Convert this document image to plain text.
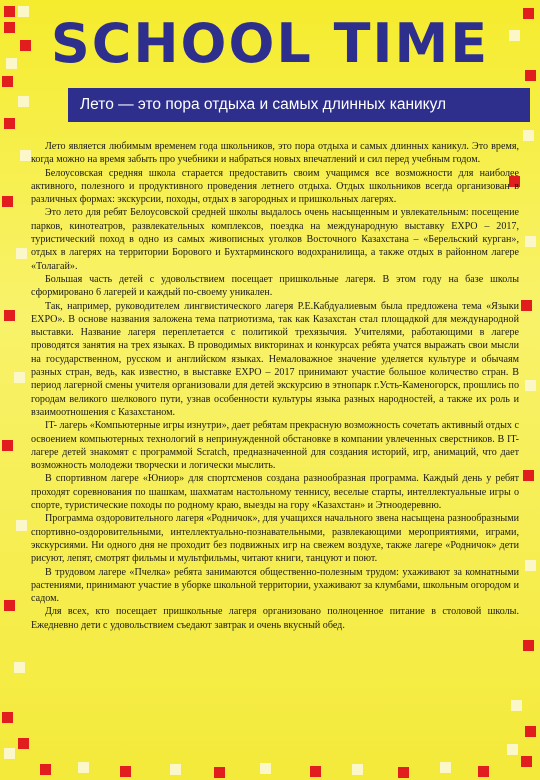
SCHOOL TIME
Лето — это пора отдыха и самых длинных каникул

Лето является любимым временем года школьников, это пора отдыха и самых длинных каникул. Это время, когда можно на время забыть про учебники и набраться новых впечатлений и сил перед учебным годом.

Белоусовская средняя школа старается предоставить своим учащимся все возможности для наиболее активного, полезного и продуктивного проведения летнего отдыха. Отдых школьников всегда организован в различных формах: экскурсии, походы, отдых в загородных и пришкольных лагерях.

Это лето для ребят Белоусовской средней школы выдалось очень насыщенным и увлекательным: посещение парков, кинотеатров, развлекательных комплексов, поездка на международную выставку EXPO – 2017, туристический поход в одно из самых живописных уголков Восточного Казахстана – «Берельский курган», отдых в лагерях на территории Борового и Бухтарминского водохранилища, а также отдых в районном лагере «Толагай».

Большая часть детей с удовольствием посещает пришкольные лагеря. В этом году на базе школы сформировано 6 лагерей и каждый по-своему уникален.

Так, например, руководителем лингвистического лагеря Р.Е.Кабдуалиевым была предложена тема «Языки EXPO». В основе названия заложена тема патриотизма, так как Казахстан стал площадкой для международной выставки. Название лагеря переплетается с политикой трехязычия. Учителями, работающими в лагере проводятся занятия на трех языках. В проводимых викторинах и конкурсах ребята учатся выражать свои мысли на государственном, русском и английском языках. Немаловажное значение уделяется культуре и обычаям разных стран, ведь, как известно, в выставке EXPO – 2017 принимают участие большое количество стран. В период лагерной смены учителя организовали для детей экскурсию в этнопарк г.Усть-Каменогорск, прошлись по городам великого шелкового пути, узнав особенности культуры языка разных народностей, а также их роль и взаимоотношения с Казахстаном.

IT- лагерь «Компьютерные игры изнутри», дает ребятам прекрасную возможность сочетать активный отдых с освоением компьютерных технологий в непринужденной обстановке в компании увлеченных сверстников. В IT- лагере детей знакомят с программой Scratch, предназначенной для создания историй, игр, анимаций, что дает возможность молодежи творчески и логически мыслить.

В спортивном лагере «Юниор» для спортсменов создана разнообразная программа. Каждый день у ребят проходят соревнования по шашкам, шахматам настольному теннису, веселые старты, интеллектуальные игры о спорте, туристические походы по родному краю, выезды на гору «Казахстан» и Этноодеревню.

Программа оздоровительного лагеря «Родничок», для учащихся начального звена насыщена разнообразными спортивно-оздоровительными, интеллектуально-познавательными, развлекающими мероприятиями, играми, экскурсиями. Ни одного дня не проходит без подвижных игр на свежем воздухе, также лагере «Родничок» дети рисуют, лепят, смотрят фильмы и мультфильмы, читают книги, танцуют и поют.

В трудовом лагере «Пчелка» ребята занимаются общественно-полезным трудом: ухаживают за комнатными растениями, принимают участие в уборке школьной территории, ухаживают за клумбами, школьным огородом и садом.

Для всех, кто посещает пришкольные лагеря организовано полноценное питание в столовой школы. Ежедневно дети с удовольствием съедают завтрак и очень вкусный обед.
